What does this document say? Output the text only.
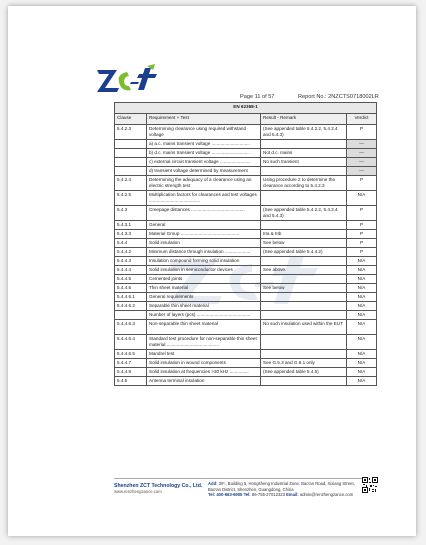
Page 11 of 57	Report No.: 2NZCTS0718002LR
EN 62368-1			
Clause	Requirement + Test	Result - Remark	Verdict
5.4.2.3	Determining clearance using required withstand voltage	(See appended table 5.4.2.2, 5.4.2.4 and 5.4.3)	P
	a) a.c. mains transient voltage ..............................		—
	b) d.c. mains transient voltage ..............................	Not d.c. mains	—
	c) external circuit transient voltage ........................	No such transient	—
	d) transient voltage determined by measurement		—
5.4.2.4	Determining the adequacy of a clearance using an electric strength test	Using procedure 2 to determine the clearance according to 5.4.2.3	P
5.4.2.5	Multiplication factors for clearances and test voltages ........................................		N/A
5.4.3	Creepage distances ..........................................	(See appended table 5.4.2.2, 5.4.2.4 and 5.4.3)	P
5.4.3.1	General		P
5.4.3.3	Material Group ..............................................	IIIa & IIIb	P
5.4.4	Solid insulation	See below	P
5.4.4.2	Minimum distance through insulation ....................	(See appended table 5.4.4.2)	P
5.4.4.3	Insulation compound forming solid insulation		N/A
5.4.4.4	Solid insulation in semiconductor devices	See above.	N/A
5.4.4.5	Cemented joints		N/A
5.4.4.6	Thin sheet material	See below	N/A
5.4.4.6.1	General requirements		N/A
5.4.4.6.2	Separable thin sheet material		N/A
	Number of layers (pcs) ..........................................		N/A
5.4.4.6.3	Non-separable thin sheet material	No such insulation used within the EUT	N/A
5.4.4.6.4	Standard test procedure for non-separable thin sheet material..........................................		N/A
5.4.4.6.5	Mandrel test		N/A
5.4.4.7	Solid insulation in wound components	See G.5.3 and G.6.1 only	N/A
5.4.4.9	Solid insulation at frequencies >30 kHz ...............	(See appended table 5.4.5)	N/A
5.4.5	Antenna terminal insulation		N/A
Shenzhen ZCT Technology Co., Ltd.
www.renzhengzance.com
Add: 3/F., Building 5, Hongsheng Industrial Zone, Bao'an Road, Xixiang Street, Bao'an District, Shenzhen, Guangdong, China
Tel: 400-663-6905 Tel: 86-755-27012323 Email: admin@renzhengzance.com
